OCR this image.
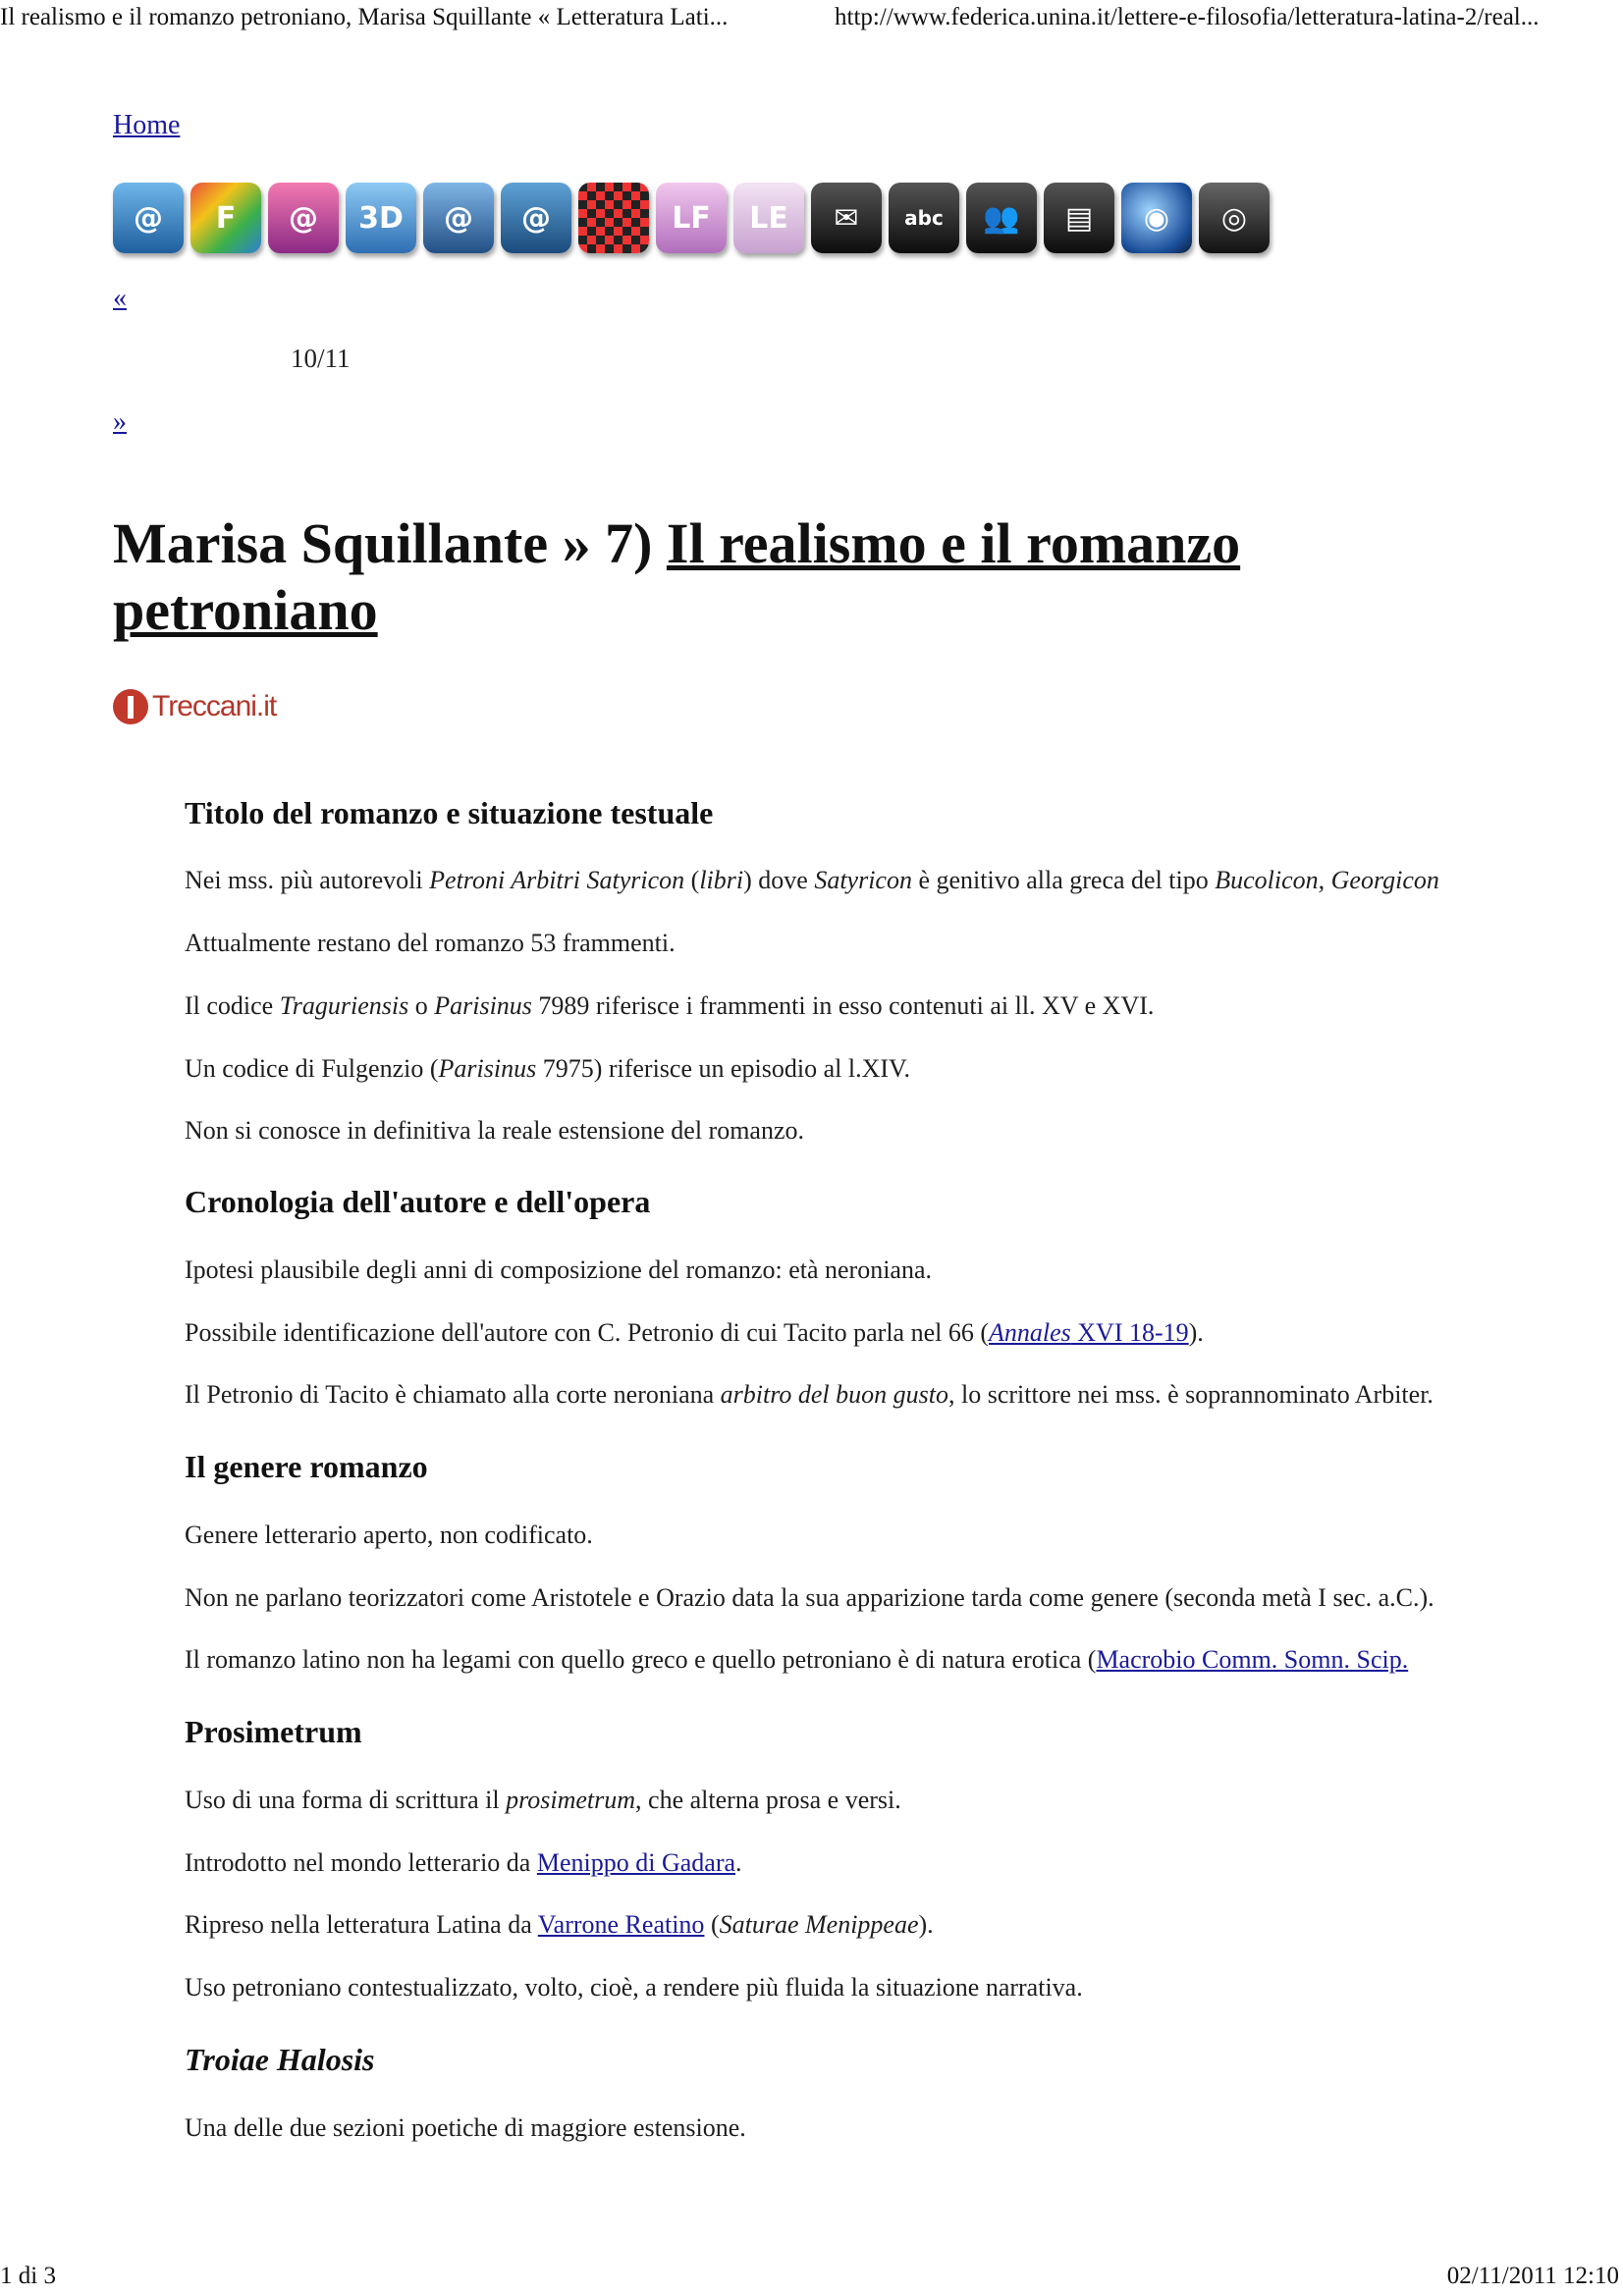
Il realismo e il romanzo petroniano, Marisa Squillante « Letteratura Lati...	http://www.federica.unina.it/lettere-e-filosofia/letteratura-latina-2/real...
Home
@ F @ 3D @ @	LF LE ✉ abc 👥 ▤ ◉ ◎
«
10/11
»
Marisa Squillante » 7) Il realismo e il romanzo
petroniano
Treccani.it
Titolo del romanzo e situazione testuale

Nei mss. più autorevoli Petroni Arbitri Satyricon (libri) dove Satyricon è genitivo alla greca del tipo Bucolicon, Georgicon

Attualmente restano del romanzo 53 frammenti.

Il codice Traguriensis o Parisinus 7989 riferisce i frammenti in esso contenuti ai ll. XV e XVI.

Un codice di Fulgenzio (Parisinus 7975) riferisce un episodio al l.XIV.

Non si conosce in definitiva la reale estensione del romanzo.

Cronologia dell'autore e dell'opera

Ipotesi plausibile degli anni di composizione del romanzo: età neroniana.

Possibile identificazione dell'autore con C. Petronio di cui Tacito parla nel 66 (Annales XVI 18-19).

Il Petronio di Tacito è chiamato alla corte neroniana arbitro del buon gusto, lo scrittore nei mss. è soprannominato Arbiter.

Il genere romanzo

Genere letterario aperto, non codificato.

Non ne parlano teorizzatori come Aristotele e Orazio data la sua apparizione tarda come genere (seconda metà I sec. a.C.).

Il romanzo latino non ha legami con quello greco e quello petroniano è di natura erotica (Macrobio Comm. Somn. Scip.

Prosimetrum

Uso di una forma di scrittura il prosimetrum, che alterna prosa e versi.

Introdotto nel mondo letterario da Menippo di Gadara.

Ripreso nella letteratura Latina da Varrone Reatino (Saturae Menippeae).

Uso petroniano contestualizzato, volto, cioè, a rendere più fluida la situazione narrativa.

Troiae Halosis

Una delle due sezioni poetiche di maggiore estensione.

1 di 3	02/11/2011 12:10
